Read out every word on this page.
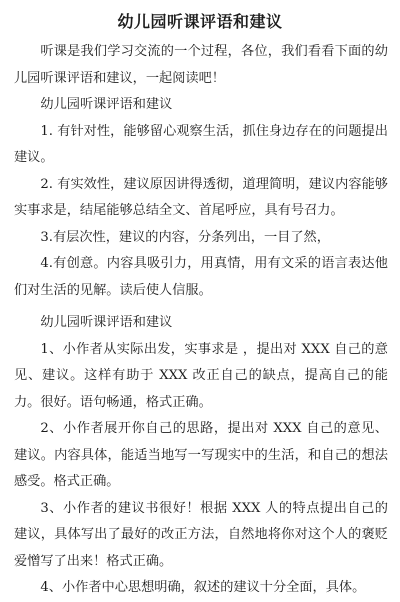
幼儿园听课评语和建议

听课是我们学习交流的一个过程，各位，我们看看下面的幼儿园听课评语和建议，一起阅读吧！

幼儿园听课评语和建议

1. 有针对性，能够留心观察生活，抓住身边存在的问题提出建议。

2. 有实效性，建议原因讲得透彻，道理简明，建议内容能够实事求是，结尾能够总结全文、首尾呼应，具有号召力。

3.有层次性，建议的内容，分条列出，一目了然，

4.有创意。内容具吸引力，用真情，用有文采的语言表达他们对生活的见解。读后使人信服。

幼儿园听课评语和建议

1、小作者从实际出发，实事求是 ，提出对 XXX 自己的意见、建议。这样有助于 XXX 改正自己的缺点，提高自己的能力。很好。语句畅通，格式正确。

2、小作者展开你自己的思路，提出对 XXX 自己的意见、建议。内容具体，能适当地写一写现实中的生活，和自己的想法感受。格式正确。

3、小作者的建议书很好！根据 XXX 人的特点提出自己的建议，具体写出了最好的改正方法，自然地将你对这个人的褒贬爱憎写了出来！格式正确。

4、小作者中心思想明确，叙述的建议十分全面，具体。
